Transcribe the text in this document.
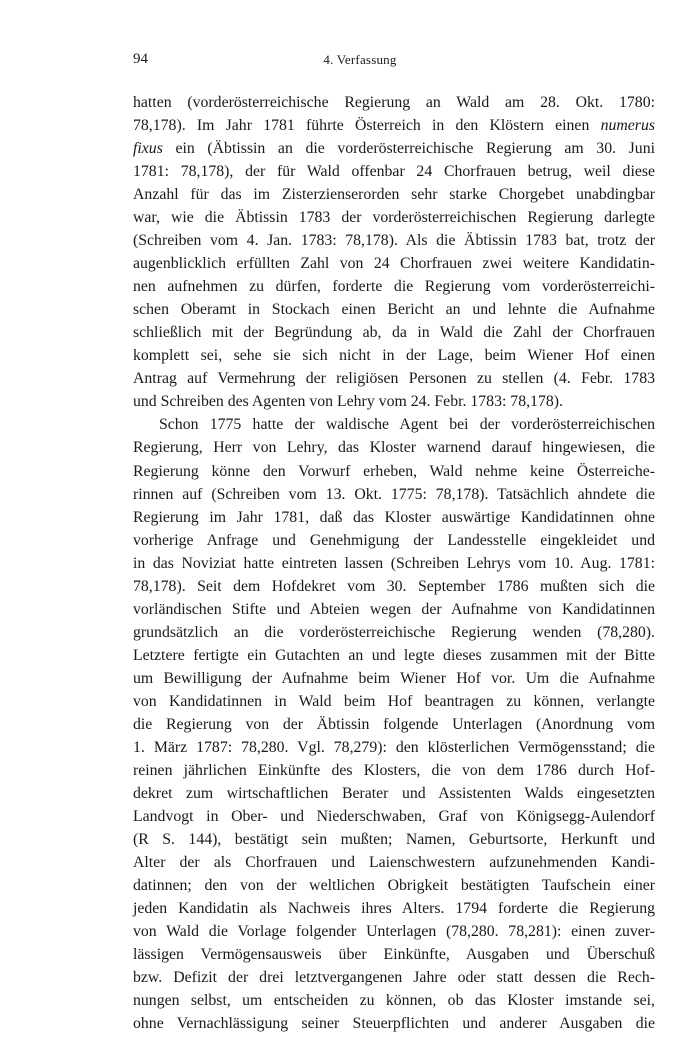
94	4. Verfassung
hatten (vorderösterreichische Regierung an Wald am 28. Okt. 1780:
78,178). Im Jahr 1781 führte Österreich in den Klöstern einen numerus
fixus ein (Äbtissin an die vorderösterreichische Regierung am 30. Juni
1781: 78,178), der für Wald offenbar 24 Chorfrauen betrug, weil diese
Anzahl für das im Zisterzienserorden sehr starke Chorgebet unabdingbar
war, wie die Äbtissin 1783 der vorderösterreichischen Regierung darlegte
(Schreiben vom 4. Jan. 1783: 78,178). Als die Äbtissin 1783 bat, trotz der
augenblicklich erfüllten Zahl von 24 Chorfrauen zwei weitere Kandidatin-
nen aufnehmen zu dürfen, forderte die Regierung vom vorderösterreichi-
schen Oberamt in Stockach einen Bericht an und lehnte die Aufnahme
schließlich mit der Begründung ab, da in Wald die Zahl der Chorfrauen
komplett sei, sehe sie sich nicht in der Lage, beim Wiener Hof einen
Antrag auf Vermehrung der religiösen Personen zu stellen (4. Febr. 1783
und Schreiben des Agenten von Lehry vom 24. Febr. 1783: 78,178).
Schon 1775 hatte der waldische Agent bei der vorderösterreichischen
Regierung, Herr von Lehry, das Kloster warnend darauf hingewiesen, die
Regierung könne den Vorwurf erheben, Wald nehme keine Österreiche-
rinnen auf (Schreiben vom 13. Okt. 1775: 78,178). Tatsächlich ahndete die
Regierung im Jahr 1781, daß das Kloster auswärtige Kandidatinnen ohne
vorherige Anfrage und Genehmigung der Landesstelle eingekleidet und
in das Noviziat hatte eintreten lassen (Schreiben Lehrys vom 10. Aug. 1781:
78,178). Seit dem Hofdekret vom 30. September 1786 mußten sich die
vorländischen Stifte und Abteien wegen der Aufnahme von Kandidatinnen
grundsätzlich an die vorderösterreichische Regierung wenden (78,280).
Letztere fertigte ein Gutachten an und legte dieses zusammen mit der Bitte
um Bewilligung der Aufnahme beim Wiener Hof vor. Um die Aufnahme
von Kandidatinnen in Wald beim Hof beantragen zu können, verlangte
die Regierung von der Äbtissin folgende Unterlagen (Anordnung vom
1. März 1787: 78,280. Vgl. 78,279): den klösterlichen Vermögensstand; die
reinen jährlichen Einkünfte des Klosters, die von dem 1786 durch Hof-
dekret zum wirtschaftlichen Berater und Assistenten Walds eingesetzten
Landvogt in Ober- und Niederschwaben, Graf von Königsegg-Aulendorf
(R S. 144), bestätigt sein mußten; Namen, Geburtsorte, Herkunft und
Alter der als Chorfrauen und Laienschwestern aufzunehmenden Kandi-
datinnen; den von der weltlichen Obrigkeit bestätigten Taufschein einer
jeden Kandidatin als Nachweis ihres Alters. 1794 forderte die Regierung
von Wald die Vorlage folgender Unterlagen (78,280. 78,281): einen zuver-
lässigen Vermögensausweis über Einkünfte, Ausgaben und Überschuß
bzw. Defizit der drei letztvergangenen Jahre oder statt dessen die Rech-
nungen selbst, um entscheiden zu können, ob das Kloster imstande sei,
ohne Vernachlässigung seiner Steuerpflichten und anderer Ausgaben die
